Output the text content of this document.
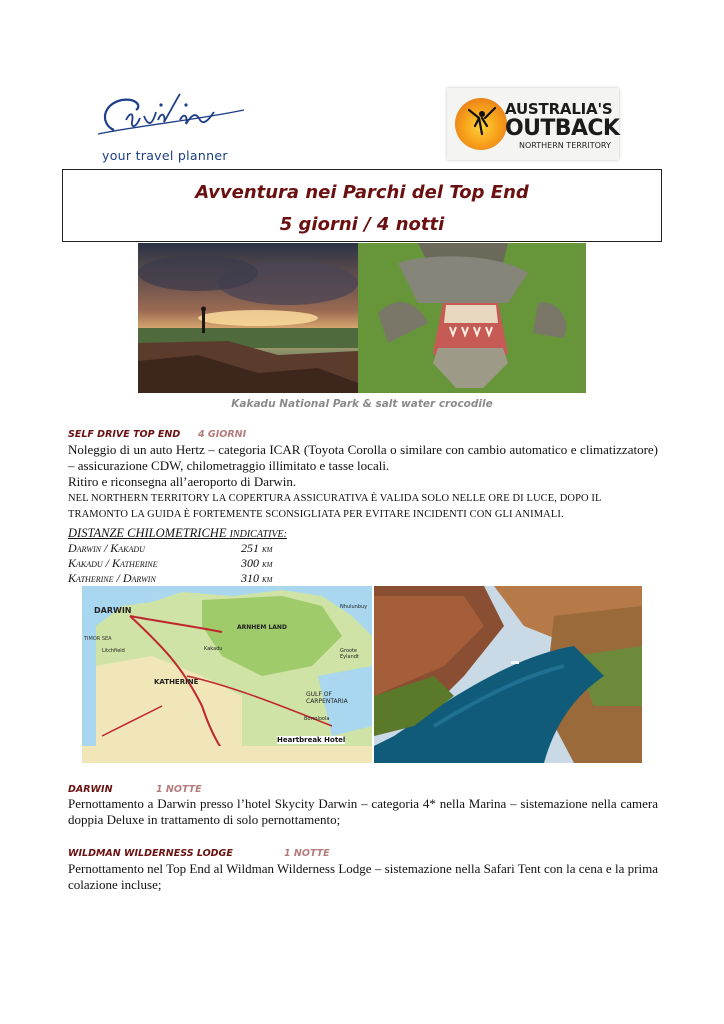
your travel planner
AUSTRALIA'S
OUTBACK
NORTHERN TERRITORY
Avventura nei Parchi del Top End
5 giorni / 4 notti
Kakadu National Park & salt water crocodile
SELF DRIVE TOP END 4 GIORNI
Noleggio di un auto Hertz – categoria ICAR (Toyota Corolla o similare con cambio automatico e climatizzatore) – assicurazione CDW, chilometraggio illimitato e tasse locali.
Ritiro e riconsegna all’aeroporto di Darwin.
NEL NORTHERN TERRITORY LA COPERTURA ASSICURATIVA È VALIDA SOLO NELLE ORE DI LUCE, DOPO IL TRAMONTO LA GUIDA È FORTEMENTE SCONSIGLIATA PER EVITARE INCIDENTI CON GLI ANIMALI.
DISTANZE CHILOMETRICHE INDICATIVE:
Darwin / Kakadu	251 km
Kakadu / Katherine	300 km
Katherine / Darwin	310 km
DARWIN
ARNHEM LAND
KATHERINE
GULF OF CARPENTARIA
Heartbreak Hotel
Nhulunbuy
Groote Eylandt
Kakadu
Litchfield
Borroloola
TIMOR SEA
DARWIN	1 NOTTE
Pernottamento a Darwin presso l’hotel Skycity Darwin – categoria 4* nella Marina – sistemazione nella camera doppia Deluxe in trattamento di solo pernottamento;
WILDMAN WILDERNESS LODGE	1 NOTTE
Pernottamento nel Top End al Wildman Wilderness Lodge – sistemazione nella Safari Tent con la cena e la prima colazione incluse;
